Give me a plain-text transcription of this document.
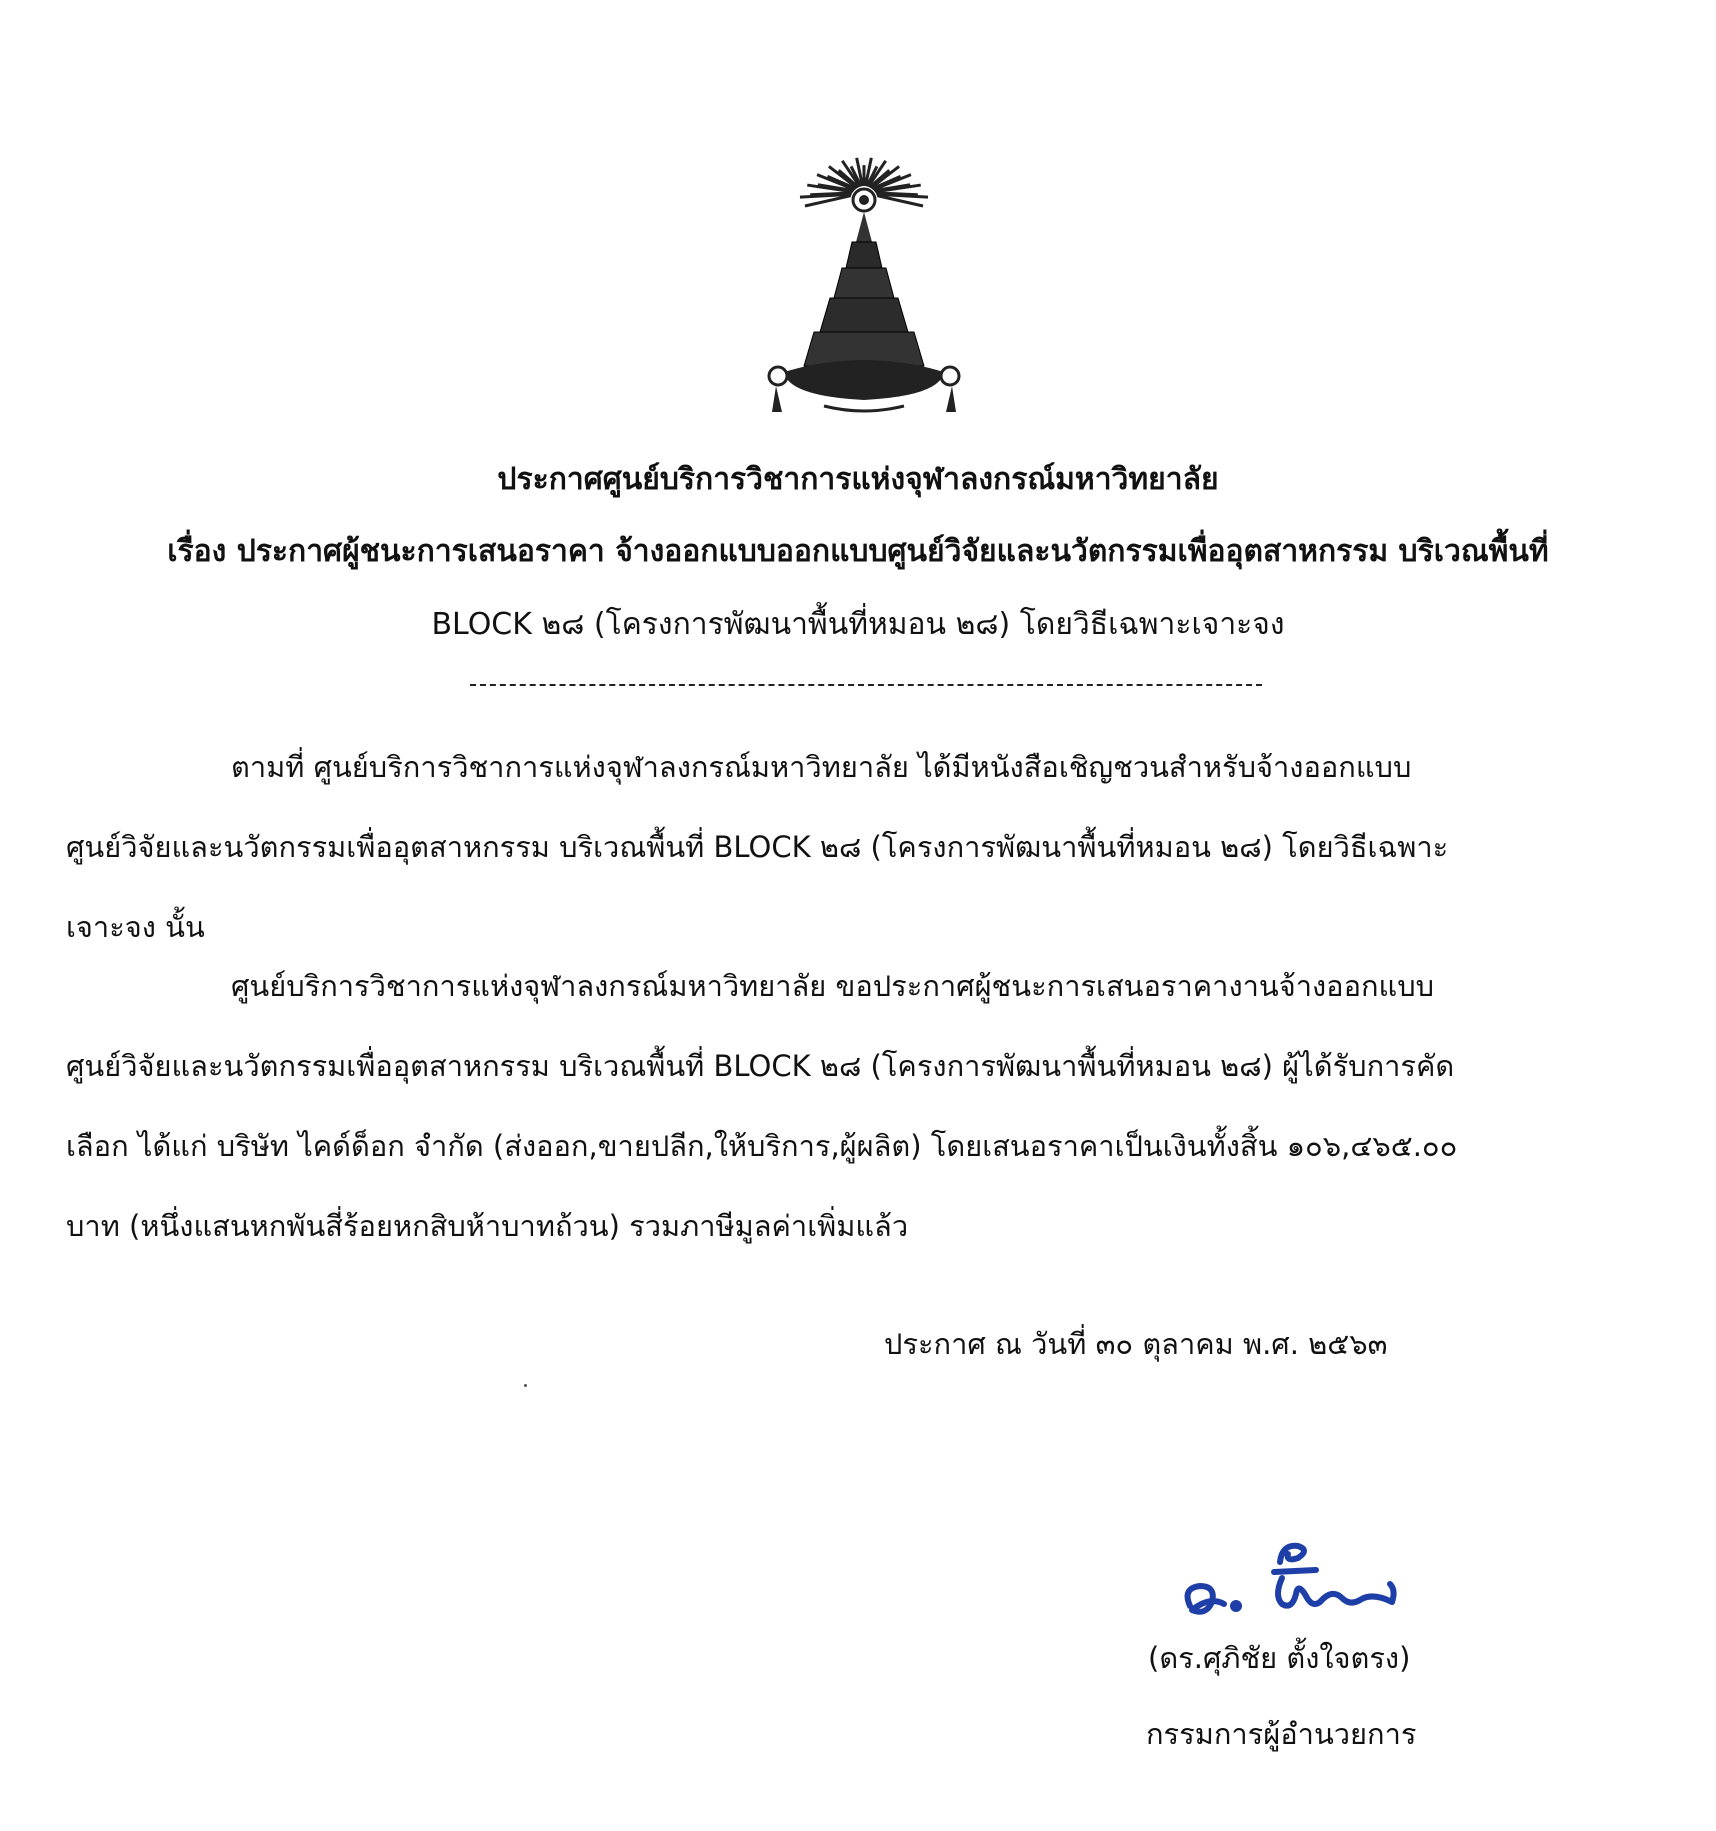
ประกาศศูนย์บริการวิชาการแห่งจุฬาลงกรณ์มหาวิทยาลัย
เรื่อง ประกาศผู้ชนะการเสนอราคา จ้างออกแบบออกแบบศูนย์วิจัยและนวัตกรรมเพื่ออุตสาหกรรม บริเวณพื้นที่
BLOCK ๒๘ (โครงการพัฒนาพื้นที่หมอน ๒๘) โดยวิธีเฉพาะเจาะจง
ตามที่ ศูนย์บริการวิชาการแห่งจุฬาลงกรณ์มหาวิทยาลัย ได้มีหนังสือเชิญชวนสำหรับจ้างออกแบบ
ศูนย์วิจัยและนวัตกรรมเพื่ออุตสาหกรรม บริเวณพื้นที่ BLOCK ๒๘ (โครงการพัฒนาพื้นที่หมอน ๒๘) โดยวิธีเฉพาะ
เจาะจง นั้น
ศูนย์บริการวิชาการแห่งจุฬาลงกรณ์มหาวิทยาลัย ขอประกาศผู้ชนะการเสนอราคางานจ้างออกแบบ
ศูนย์วิจัยและนวัตกรรมเพื่ออุตสาหกรรม บริเวณพื้นที่ BLOCK ๒๘ (โครงการพัฒนาพื้นที่หมอน ๒๘) ผู้ได้รับการคัด
เลือก ได้แก่ บริษัท ไคด์ด็อก จำกัด (ส่งออก,ขายปลีก,ให้บริการ,ผู้ผลิต) โดยเสนอราคาเป็นเงินทั้งสิ้น ๑๐๖,๔๖๕.๐๐
บาท (หนึ่งแสนหกพันสี่ร้อยหกสิบห้าบาทถ้วน) รวมภาษีมูลค่าเพิ่มแล้ว
ประกาศ ณ วันที่ ๓๐ ตุลาคม พ.ศ. ๒๕๖๓
(ดร.ศุภิชัย ตั้งใจตรง)
กรรมการผู้อำนวยการ
